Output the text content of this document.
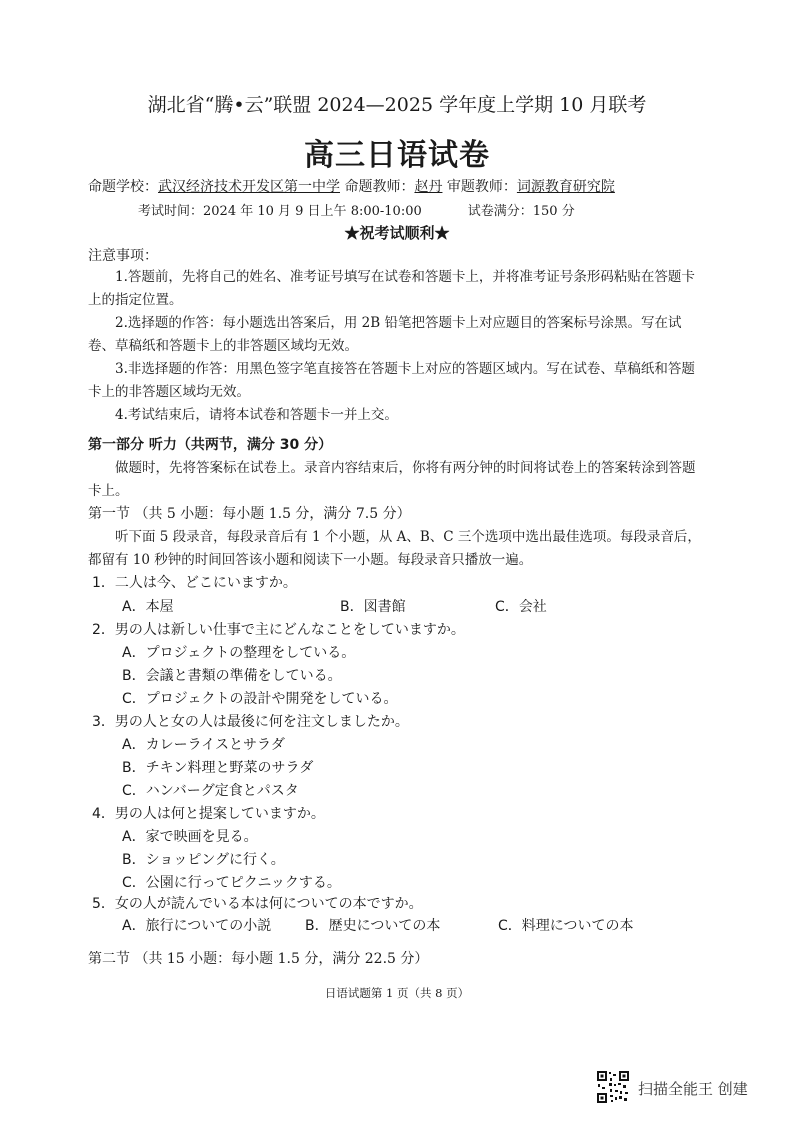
湖北省“腾•云”联盟 2024—2025 学年度上学期 10 月联考
高三日语试卷
命题学校：武汉经济技术开发区第一中学 命题教师：赵丹 审题教师：词源教育研究院
考试时间：2024 年 10 月 9 日上午 8:00-10:00	试卷满分：150 分
★祝考试顺利★
注意事项：

1.答题前，先将自己的姓名、准考证号填写在试卷和答题卡上，并将准考证号条形码粘贴在答题卡上的指定位置。

2.选择题的作答：每小题选出答案后，用 2B 铅笔把答题卡上对应题目的答案标号涂黑。写在试卷、草稿纸和答题卡上的非答题区域均无效。

3.非选择题的作答：用黑色签字笔直接答在答题卡上对应的答题区域内。写在试卷、草稿纸和答题卡上的非答题区域均无效。

4.考试结束后，请将本试卷和答题卡一并上交。

第一部分 听力（共两节，满分 30 分）

做题时，先将答案标在试卷上。录音内容结束后，你将有两分钟的时间将试卷上的答案转涂到答题卡上。

第一节 （共 5 小题：每小题 1.5 分，满分 7.5 分）

听下面 5 段录音，每段录音后有 1 个小题，从 A、B、C 三个选项中选出最佳选项。每段录音后，都留有 10 秒钟的时间回答该小题和阅读下一小题。每段录音只播放一遍。

1．二人は今、どこにいますか。
A．本屋	B．図書館	C．会社
2．男の人は新しい仕事で主にどんなことをしていますか。
A．プロジェクトの整理をしている。
B．会議と書類の準備をしている。
C．プロジェクトの設計や開発をしている。
3．男の人と女の人は最後に何を注文しましたか。
A．カレーライスとサラダ
B．チキン料理と野菜のサラダ
C．ハンバーグ定食とパスタ
4．男の人は何と提案していますか。
A．家で映画を見る。
B．ショッピングに行く。
C．公園に行ってピクニックする。
5．女の人が読んでいる本は何についての本ですか。
A．旅行についての小説 B．歴史についての本	C．料理についての本
第二节 （共 15 小题：每小题 1.5 分，满分 22.5 分）
日语试题第 1 页（共 8 页）
扫描全能王 创建
